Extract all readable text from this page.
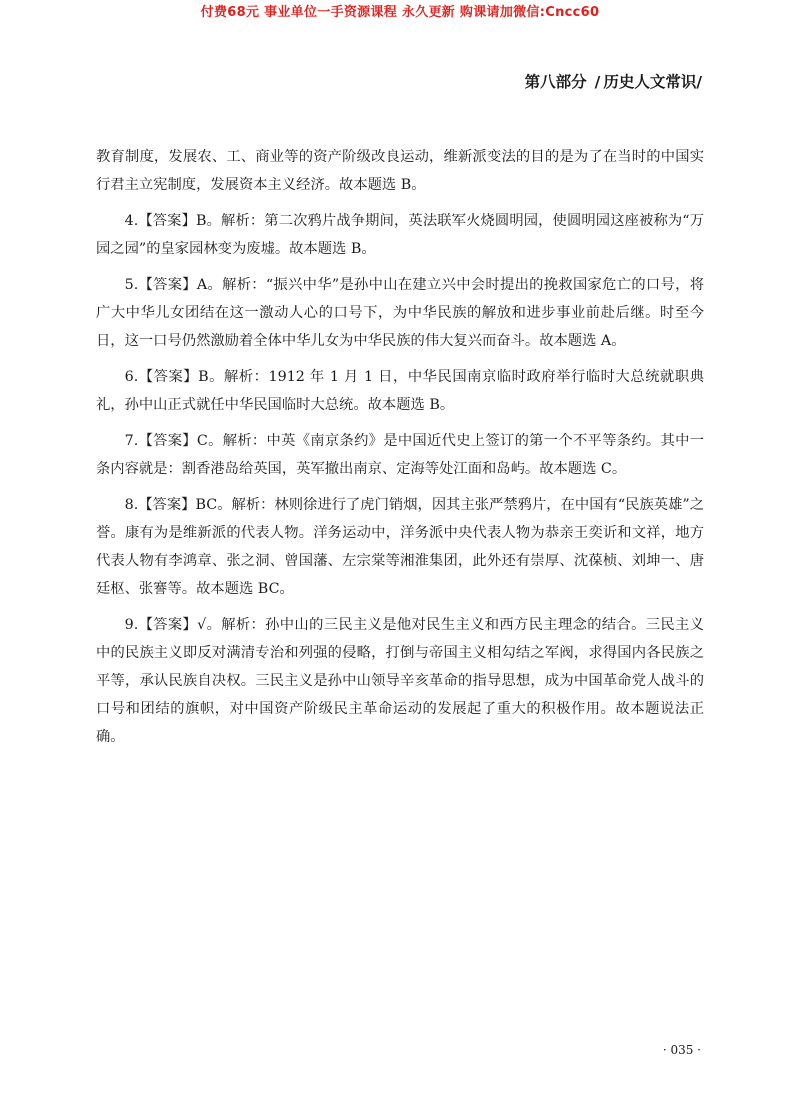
付费68元 事业单位一手资源课程 永久更新 购课请加微信:Cncc60
第八部分 / 历史人文常识/

教育制度，发展农、工、商业等的资产阶级改良运动，维新派变法的目的是为了在当时的中国实行君主立宪制度，发展资本主义经济。故本题选 B。

4.【答案】B。解析：第二次鸦片战争期间，英法联军火烧圆明园，使圆明园这座被称为“万园之园”的皇家园林变为废墟。故本题选 B。

5.【答案】A。解析：“振兴中华”是孙中山在建立兴中会时提出的挽救国家危亡的口号，将广大中华儿女团结在这一激动人心的口号下，为中华民族的解放和进步事业前赴后继。时至今日，这一口号仍然激励着全体中华儿女为中华民族的伟大复兴而奋斗。故本题选 A。

6.【答案】B。解析：1912 年 1 月 1 日，中华民国南京临时政府举行临时大总统就职典礼，孙中山正式就任中华民国临时大总统。故本题选 B。

7.【答案】C。解析：中英《南京条约》是中国近代史上签订的第一个不平等条约。其中一条内容就是：割香港岛给英国，英军撤出南京、定海等处江面和岛屿。故本题选 C。

8.【答案】BC。解析：林则徐进行了虎门销烟，因其主张严禁鸦片，在中国有“民族英雄”之誉。康有为是维新派的代表人物。洋务运动中，洋务派中央代表人物为恭亲王奕䜣和文祥，地方代表人物有李鸿章、张之洞、曾国藩、左宗棠等湘淮集团，此外还有崇厚、沈葆桢、刘坤一、唐廷枢、张謇等。故本题选 BC。

9.【答案】√。解析：孙中山的三民主义是他对民生主义和西方民主理念的结合。三民主义中的民族主义即反对满清专治和列强的侵略，打倒与帝国主义相勾结之军阀，求得国内各民族之平等，承认民族自决权。三民主义是孙中山领导辛亥革命的指导思想，成为中国革命党人战斗的口号和团结的旗帜，对中国资产阶级民主革命运动的发展起了重大的积极作用。故本题说法正确。

· 035 ·
